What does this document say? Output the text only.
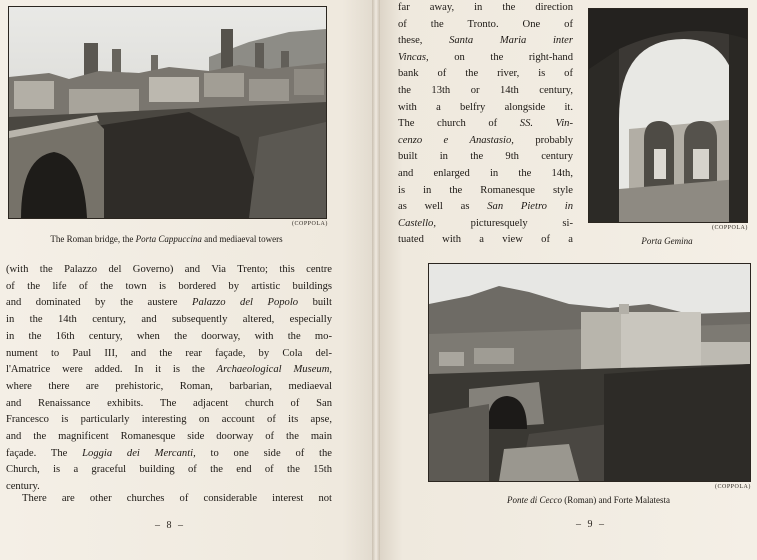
(COPPOLA)
The Roman bridge, the Porta Cappuccina and mediaeval towers
(with the Palazzo del Governo) and Via Trento; this centre
of the life of the town is bordered by artistic buildings
and dominated by the austere Palazzo del Popolo built
in the 14th century, and subsequently altered, especially
in the 16th century, when the doorway, with the mo-
nument to Paul III, and the rear façade, by Cola del-
l'Amatrice were added. In it is the Archaeological Museum,
where there are prehistoric, Roman, barbarian, mediaeval
and Renaissance exhibits. The adjacent church of San
Francesco is particularly interesting on account of its apse,
and the magnificent Romanesque side doorway of the main
façade. The Loggia dei Mercanti, to one side of the
Church, is a graceful building of the end of the 15th
century.
There are other churches of considerable interest not
– 8 –
far away, in the direction
of the Tronto. One of
these, Santa Maria inter
Vincas, on the right-hand
bank of the river, is of
the 13th or 14th century,
with a belfry alongside it.
The church of SS. Vin-
cenzo e Anastasio, probably
built in the 9th century
and enlarged in the 14th,
is in the Romanesque style
as well as San Pietro in
Castello, picturesquely si-
tuated with a view of a
(COPPOLA)
Porta Gemina
(COPPOLA)
Ponte di Cecco (Roman) and Forte Malatesta
– 9 –
